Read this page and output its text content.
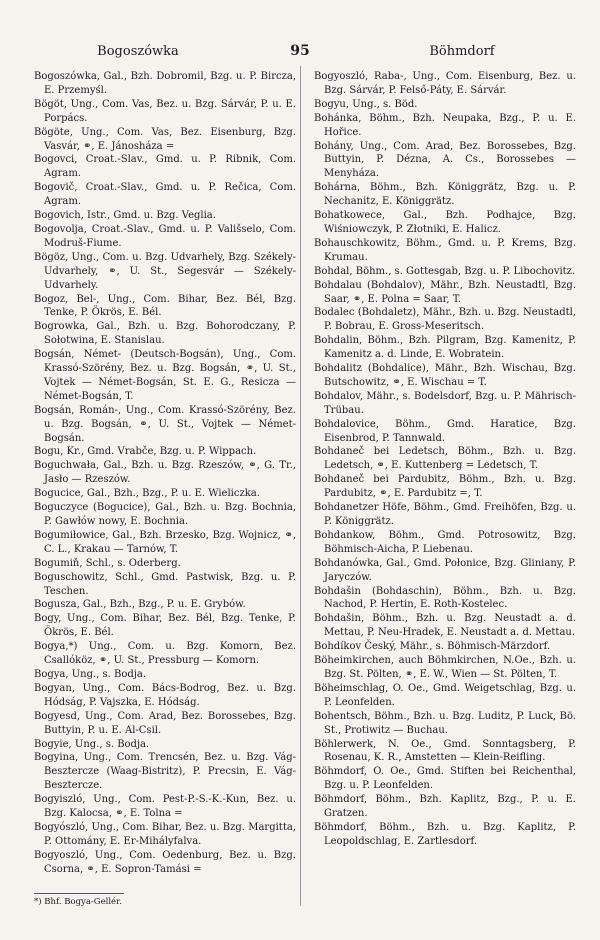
Bogoszówka	95	Böhmdorf

Bogoszówka, Gal., Bzh. Dobromil, Bzg. u. P. Bircza, E. Przemyśl.

Bögöt, Ung., Com. Vas, Bez. u. Bzg. Sárvár, P. u. E. Porpács.

Bögöte, Ung., Com. Vas, Bez. Eisenburg, Bzg. Vasvár, ⚭, E. Jánosháza =

Bogovci, Croat.-Slav., Gmd. u. P. Ribnik, Com. Agram.

Bogovič, Croat.-Slav., Gmd. u. P. Rečica, Com. Agram.

Bogovich, Istr., Gmd. u. Bzg. Veglia.

Bogovolja, Croat.-Slav., Gmd. u. P. Vališselo, Com. Modruš-Fiume.

Bögöz, Ung., Com. u. Bzg. Udvarhely, Bzg. Székely-Udvarhely, ⚭, U. St., Segesvár — Székely-Udvarhely.

Bogoz, Bel-, Ung., Com. Bihar, Bez. Bél, Bzg. Tenke, P. Ökrös, E. Bél.

Bogrowka, Gal., Bzh. u. Bzg. Bohorodczany, P. Sołotwina, E. Stanislau.

Bogsán, Német- (Deutsch-Bogsán), Ung., Com. Krassó-Szörény, Bez. u. Bzg. Bogsán, ⚭, U. St., Vojtek — Német-Bogsán, St. E. G., Resicza — Német-Bogsán, T.

Bogsán, Román-, Ung., Com. Krassó-Szörény, Bez. u. Bzg. Bogsán, ⚭, U. St., Vojtek — Német-Bogsán.

Bogu, Kr., Gmd. Vrabče, Bzg. u. P. Wippach.

Boguchwała, Gal., Bzh. u. Bzg. Rzeszów, ⚭, G. Tr., Jasło — Rzeszów.

Bogucice, Gal., Bzh., Bzg., P. u. E. Wieliczka.

Boguczyce (Bogucice), Gal., Bzh. u. Bzg. Bochnia, P. Gawłów nowy, E. Bochnia.

Bogumiłowice, Gal., Bzh. Brzesko, Bzg. Wojnicz, ⚭, C. L., Krakau — Tarnów, T.

Bogumiň, Schl., s. Oderberg.

Boguschowitz, Schl., Gmd. Pastwisk, Bzg. u. P. Teschen.

Bogusza, Gal., Bzh., Bzg., P. u. E. Grybów.

Bogy, Ung., Com. Bihar, Bez. Bél, Bzg. Tenke, P. Ökrös, E. Bél.

Bogya,*) Ung., Com. u. Bzg. Komorn, Bez. Csallóköz, ⚭, U. St., Pressburg — Komorn.

Bogya, Ung., s. Bodja.

Bogyan, Ung., Com. Bács-Bodrog, Bez. u. Bzg. Hódság, P. Vajszka, E. Hódság.

Bogyesd, Ung., Com. Arad, Bez. Borossebes, Bzg. Buttyin, P. u. E. Al-Csil.

Bogyie, Ung., s. Bodja.

Bogyina, Ung., Com. Trencsén, Bez. u. Bzg. Vág-Besztercze (Waag-Bistritz), P. Precsin, E. Vág-Besztercze.

Bogyiszló, Ung., Com. Pest-P.-S.-K.-Kun, Bez. u. Bzg. Kalocsa, ⚭, E. Tolna =

Bogyószló, Ung., Com. Bihar, Bez. u. Bzg. Margitta, P. Ottomány, E. Er-Mihályfalva.

Bogyoszló, Ung., Com. Oedenburg, Bez. u. Bzg. Csorna, ⚭, E. Sopron-Tamási =

Bogyoszló, Raba-, Ung., Com. Eisenburg, Bez. u. Bzg. Sárvár, P. Felső-Páty, E. Sárvár.

Bogyu, Ung., s. Böd.

Bohánka, Böhm., Bzh. Neupaka, Bzg., P. u. E. Hořice.

Bohány, Ung., Com. Arad, Bez. Borossebes, Bzg. Buttyin, P. Dézna, A. Cs., Borossebes — Menyháza.

Bohárna, Böhm., Bzh. Königgrätz, Bzg. u. P. Nechanitz, E. Königgrätz.

Bohatkowece, Gal., Bzh. Podhajce, Bzg. Wiśniowczyk, P. Złotniki, E. Halicz.

Bohauschkowitz, Böhm., Gmd. u. P. Krems, Bzg. Krumau.

Bohdal, Böhm., s. Gottesgab, Bzg. u. P. Libochovitz.

Bohdalau (Bohdalov), Mähr., Bzh. Neustadtl, Bzg. Saar, ⚭, E. Polna = Saar, T.

Bodalec (Bohdaletz), Mähr., Bzh. u. Bzg. Neustadtl, P. Bobrau, E. Gross-Meseritsch.

Bohdalin, Böhm., Bzh. Pilgram, Bzg. Kamenitz, P. Kamenitz a. d. Linde, E. Wobratein.

Bohdalitz (Bohdalice), Mähr., Bzh. Wischau, Bzg. Butschowitz, ⚭, E. Wischau = T.

Bohdalov, Mähr., s. Bodelsdorf, Bzg. u. P. Mährisch-Trübau.

Bohdalovice, Böhm., Gmd. Haratice, Bzg. Eisenbrod, P. Tannwald.

Bohdaneč bei Ledetsch, Böhm., Bzh. u. Bzg. Ledetsch, ⚭, E. Kuttenberg = Ledetsch, T.

Bohdaneč bei Pardubitz, Böhm., Bzh. u. Bzg. Pardubitz, ⚭, E. Pardubitz =, T.

Bohdanetzer Höfe, Böhm., Gmd. Freihöfen, Bzg. u. P. Königgrätz.

Bohdankow, Böhm., Gmd. Potrosowitz, Bzg. Böhmisch-Aicha, P. Liebenau.

Bohdanówka, Gal., Gmd. Połonice, Bzg. Gliniany, P. Jaryczów.

Bohdašin (Bohdaschin), Böhm., Bzh. u. Bzg. Nachod, P. Hertin, E. Roth-Kostelec.

Bohdašin, Böhm., Bzh. u. Bzg. Neustadt a. d. Mettau, P. Neu-Hradek, E. Neustadt a. d. Mettau.

Bohdíkov Český, Mähr., s. Böhmisch-Märzdorf.

Böheimkirchen, auch Böhmkirchen, N.Oe., Bzh. u. Bzg. St. Pölten, ⚭, E. W., Wien — St. Pölten, T.

Böheimschlag, O. Oe., Gmd. Weigetschlag, Bzg. u. P. Leonfelden.

Bohentsch, Böhm., Bzh. u. Bzg. Luditz, P. Luck, Bö. St., Protiwitz — Buchau.

Böhlerwerk, N. Oe., Gmd. Sonntagsberg, P. Rosenau, K. R., Amstetten — Klein-Reifling.

Böhmdorf, O. Oe., Gmd. Stiften bei Reichenthal, Bzg. u. P. Leonfelden.

Böhmdorf, Böhm., Bzh. Kaplitz, Bzg., P. u. E. Gratzen.

Böhmdorf, Böhm., Bzh. u. Bzg. Kaplitz, P. Leopoldschlag, E. Zartlesdorf.

*) Bhf. Bogya-Gellér.
